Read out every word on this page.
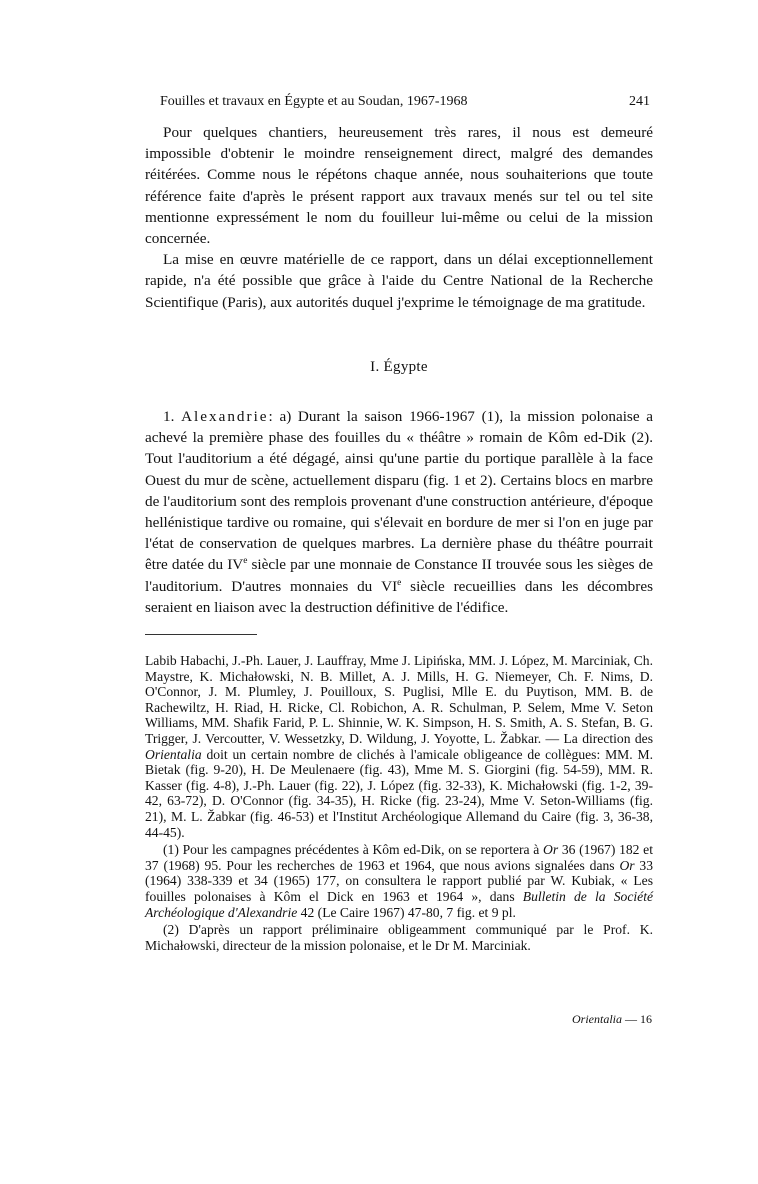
Fouilles et travaux en Égypte et au Soudan, 1967-1968	241

Pour quelques chantiers, heureusement très rares, il nous est demeuré impossible d'obtenir le moindre renseignement direct, malgré des demandes réitérées. Comme nous le répétons chaque année, nous souhaiterions que toute référence faite d'après le présent rapport aux travaux menés sur tel ou tel site mentionne expressément le nom du fouilleur lui-même ou celui de la mission concernée.

La mise en œuvre matérielle de ce rapport, dans un délai exceptionnellement rapide, n'a été possible que grâce à l'aide du Centre National de la Recherche Scientifique (Paris), aux autorités duquel j'exprime le témoignage de ma gratitude.

I. Égypte

1. Alexandrie: a) Durant la saison 1966-1967 (1), la mission polonaise a achevé la première phase des fouilles du « théâtre » romain de Kôm ed-Dik (2). Tout l'auditorium a été dégagé, ainsi qu'une partie du portique parallèle à la face Ouest du mur de scène, actuellement disparu (fig. 1 et 2). Certains blocs en marbre de l'auditorium sont des remplois provenant d'une construction antérieure, d'époque hellénistique tardive ou romaine, qui s'élevait en bordure de mer si l'on en juge par l'état de conservation de quelques marbres. La dernière phase du théâtre pourrait être datée du IVe siècle par une monnaie de Constance II trouvée sous les sièges de l'auditorium. D'autres monnaies du VIe siècle recueillies dans les décombres seraient en liaison avec la destruction définitive de l'édifice.

Labib Habachi, J.-Ph. Lauer, J. Lauffray, Mme J. Lipińska, MM. J. López, M. Marciniak, Ch. Maystre, K. Michałowski, N. B. Millet, A. J. Mills, H. G. Niemeyer, Ch. F. Nims, D. O'Connor, J. M. Plumley, J. Pouilloux, S. Puglisi, Mlle E. du Puytison, MM. B. de Rachewiltz, H. Riad, H. Ricke, Cl. Robichon, A. R. Schulman, P. Selem, Mme V. Seton Williams, MM. Shafik Farid, P. L. Shinnie, W. K. Simpson, H. S. Smith, A. S. Stefan, B. G. Trigger, J. Vercoutter, V. Wessetzky, D. Wildung, J. Yoyotte, L. Žabkar. — La direction des Orientalia doit un certain nombre de clichés à l'amicale obligeance de collègues: MM. M. Bietak (fig. 9-20), H. De Meulenaere (fig. 43), Mme M. S. Giorgini (fig. 54-59), MM. R. Kasser (fig. 4-8), J.-Ph. Lauer (fig. 22), J. López (fig. 32-33), K. Michałowski (fig. 1-2, 39-42, 63-72), D. O'Connor (fig. 34-35), H. Ricke (fig. 23-24), Mme V. Seton-Williams (fig. 21), M. L. Žabkar (fig. 46-53) et l'Institut Archéologique Allemand du Caire (fig. 3, 36-38, 44-45).

(1) Pour les campagnes précédentes à Kôm ed-Dik, on se reportera à Or 36 (1967) 182 et 37 (1968) 95. Pour les recherches de 1963 et 1964, que nous avions signalées dans Or 33 (1964) 338-339 et 34 (1965) 177, on consultera le rapport publié par W. Kubiak, « Les fouilles polonaises à Kôm el Dick en 1963 et 1964 », dans Bulletin de la Société Archéologique d'Alexandrie 42 (Le Caire 1967) 47-80, 7 fig. et 9 pl.

(2) D'après un rapport préliminaire obligeamment communiqué par le Prof. K. Michałowski, directeur de la mission polonaise, et le Dr M. Marciniak.

Orientalia — 16
